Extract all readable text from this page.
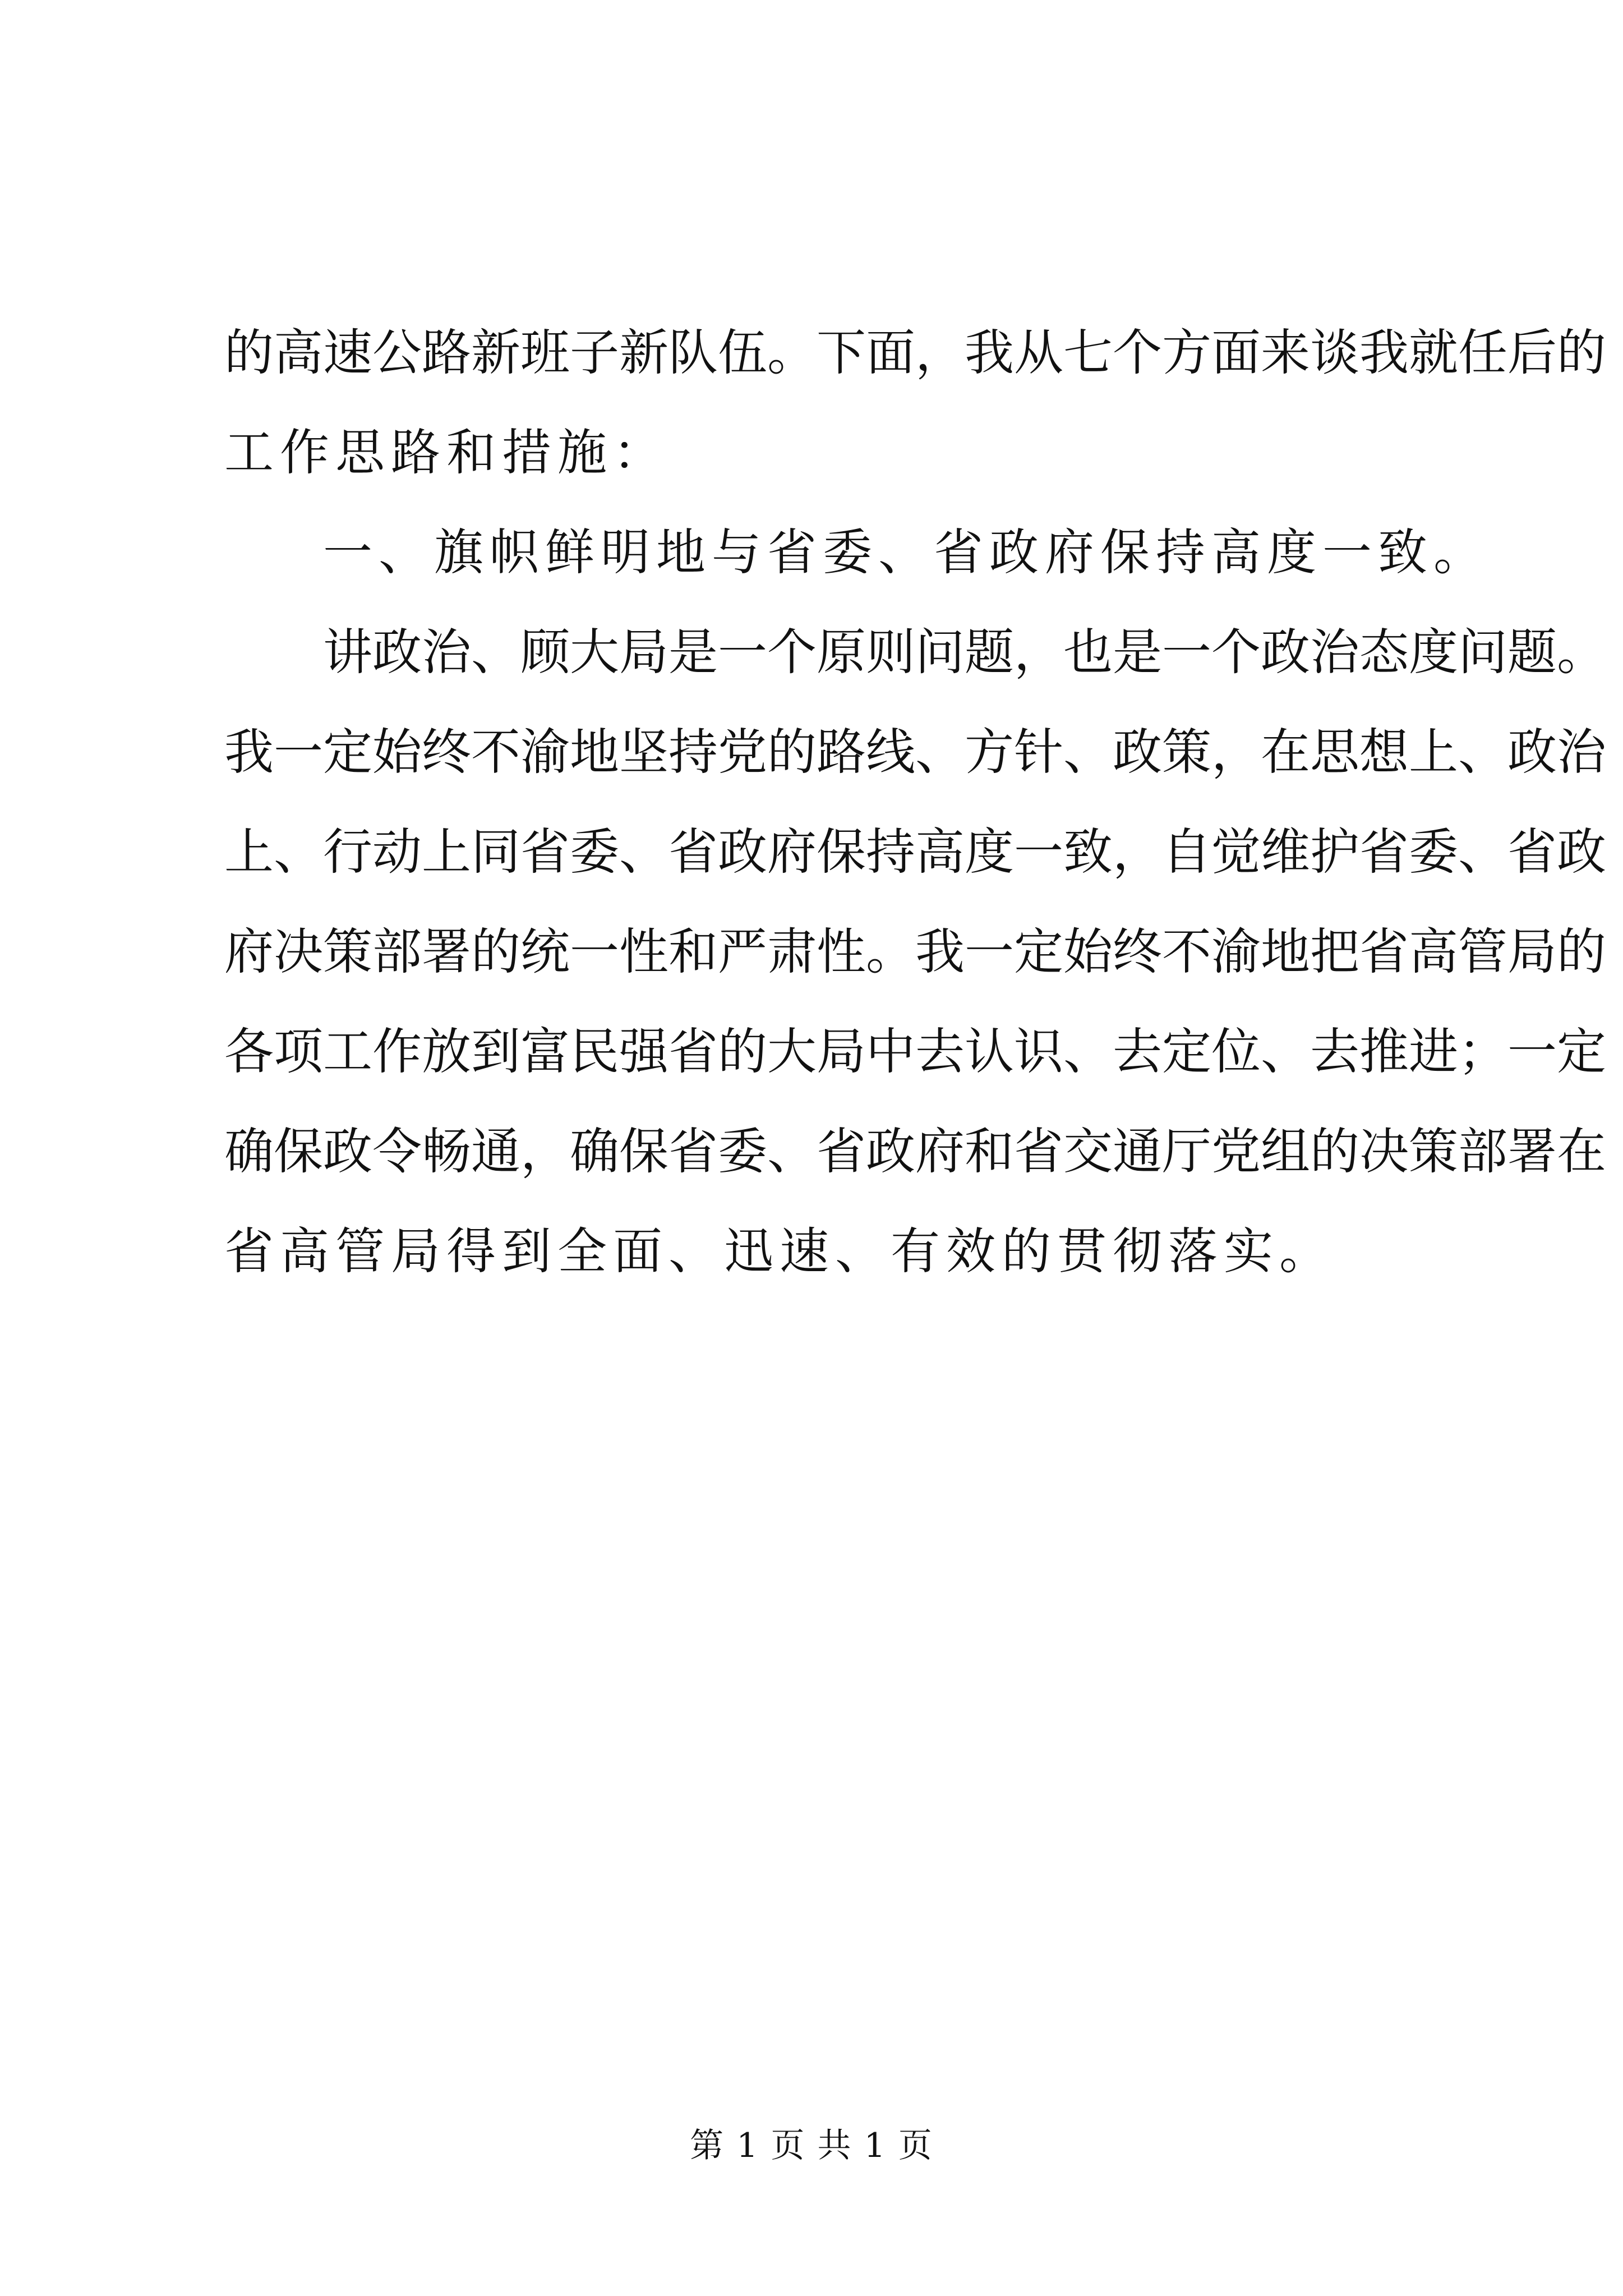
的高速公路新班子新队伍。下面，我从七个方面来谈我就任后的
工作思路和措施：
一、旗帜鲜明地与省委、省政府保持高度一致。
讲政治、顾大局是一个原则问题，也是一个政治态度问题。
我一定始终不渝地坚持党的路线、方针、政策，在思想上、政治
上、行动上同省委、省政府保持高度一致，自觉维护省委、省政
府决策部署的统一性和严肃性。我一定始终不渝地把省高管局的
各项工作放到富民强省的大局中去认识、去定位、去推进；一定
确保政令畅通，确保省委、省政府和省交通厅党组的决策部署在
省高管局得到全面、迅速、有效的贯彻落实。
第 1 页 共 1 页
